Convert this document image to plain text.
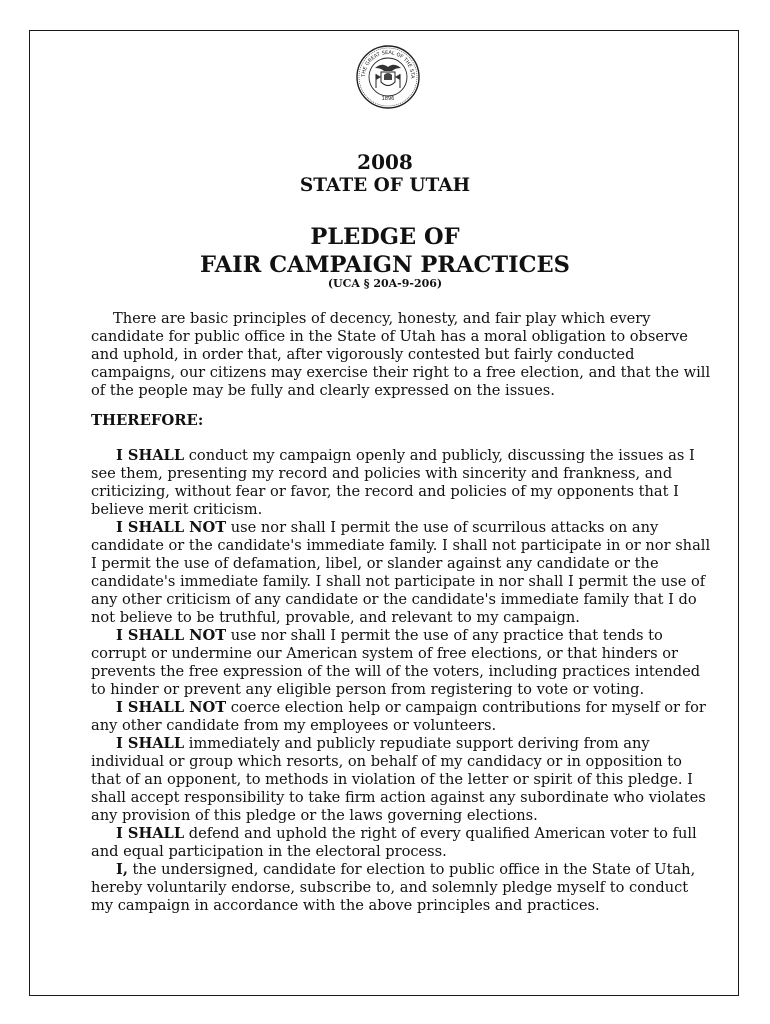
THE GREAT SEAL OF THE STA
1896
2008
STATE OF UTAH
PLEDGE OF
FAIR CAMPAIGN PRACTICES
(UCA § 20A-9-206)
There are basic principles of decency, honesty, and fair play which every candidate for public office in the State of Utah has a moral obligation to observe and uphold, in order that, after vigorously contested but fairly conducted campaigns, our citizens may exercise their right to a free election, and that the will of the people may be fully and clearly expressed on the issues.
THEREFORE:

I SHALL conduct my campaign openly and publicly, discussing the issues as I see them, presenting my record and policies with sincerity and frankness, and criticizing, without fear or favor, the record and policies of my opponents that I believe merit criticism.

I SHALL NOT use nor shall I permit the use of scurrilous attacks on any candidate or the candidate's immediate family. I shall not participate in or nor shall I permit the use of defamation, libel, or slander against any candidate or the candidate's immediate family. I shall not participate in nor shall I permit the use of any other criticism of any candidate or the candidate's immediate family that I do not believe to be truthful, provable, and relevant to my campaign.

I SHALL NOT use nor shall I permit the use of any practice that tends to corrupt or undermine our American system of free elections, or that hinders or prevents the free expression of the will of the voters, including practices intended to hinder or prevent any eligible person from registering to vote or voting.

I SHALL NOT coerce election help or campaign contributions for myself or for any other candidate from my employees or volunteers.

I SHALL immediately and publicly repudiate support deriving from any individual or group which resorts, on behalf of my candidacy or in opposition to that of an opponent, to methods in violation of the letter or spirit of this pledge. I shall accept responsibility to take firm action against any subordinate who violates any provision of this pledge or the laws governing elections.

I SHALL defend and uphold the right of every qualified American voter to full and equal participation in the electoral process.

I, the undersigned, candidate for election to public office in the State of Utah, hereby voluntarily endorse, subscribe to, and solemnly pledge myself to conduct my campaign in accordance with the above principles and practices.
